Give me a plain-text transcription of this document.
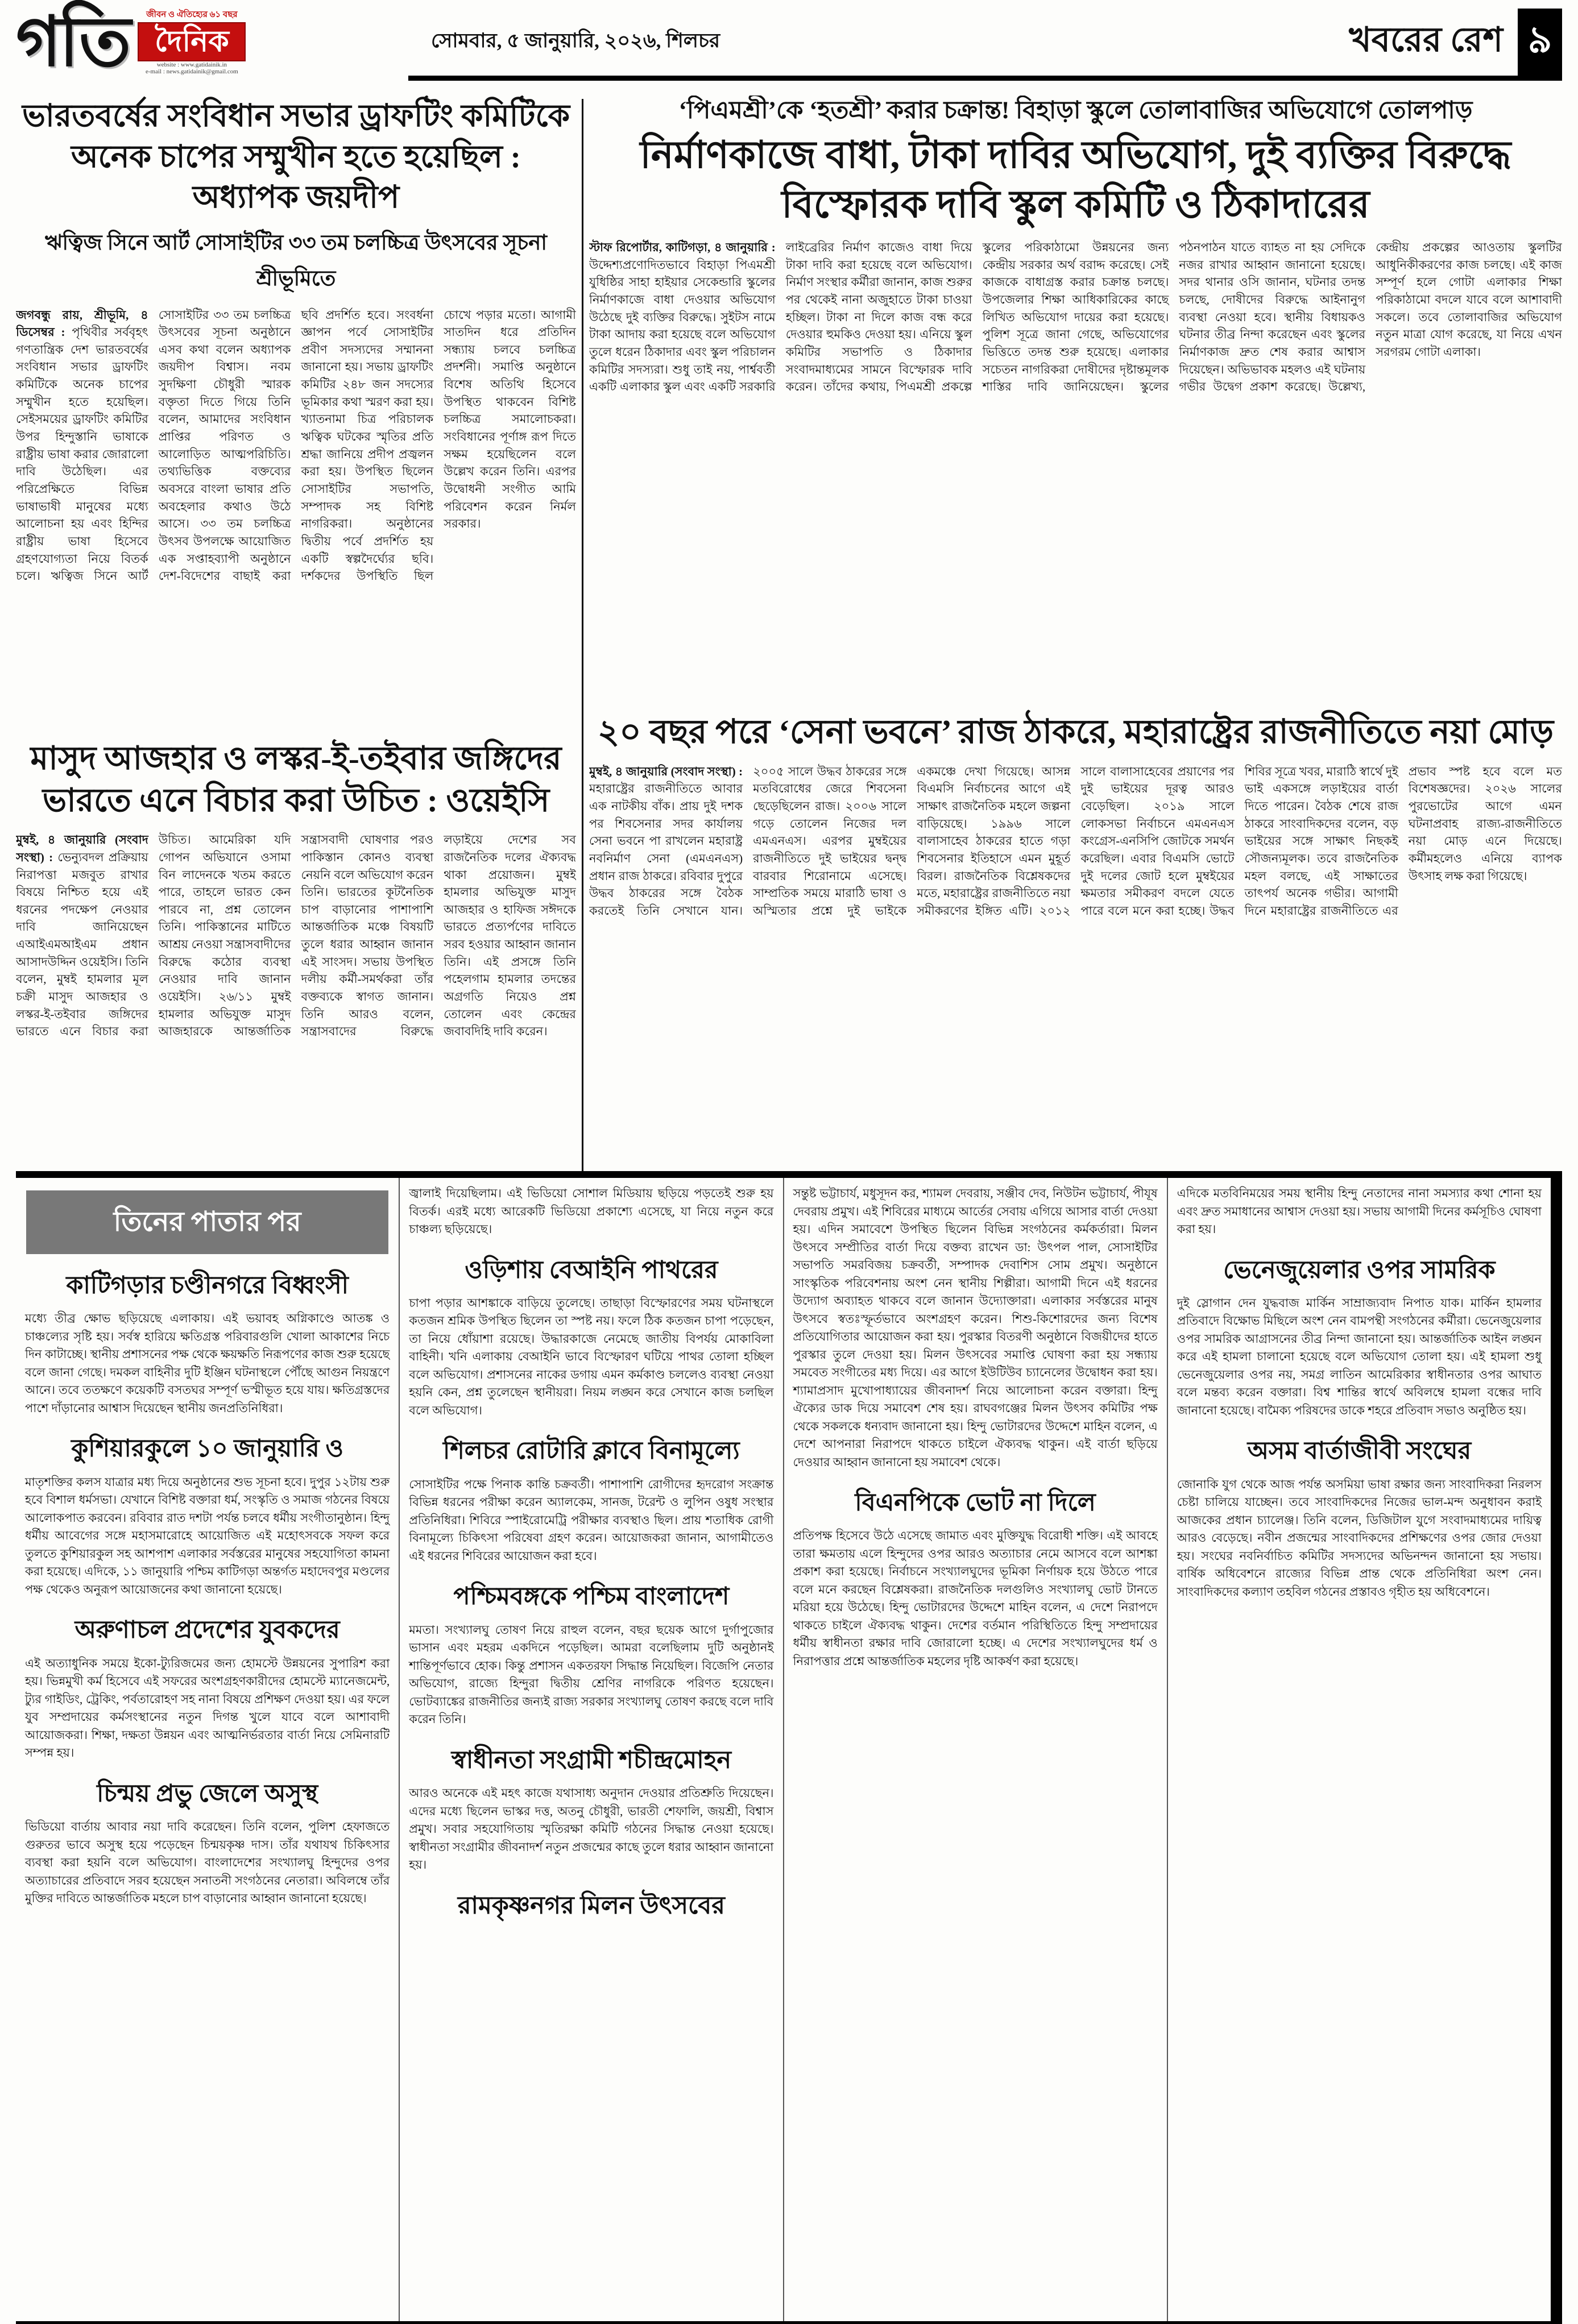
গতি	জীবন ও ঐতিহ্যের ৬১ বছর
দৈনিক
website : www.gatidainik.in
e-mail : news.gatidainik@gmail.com
সোমবার, ৫ জানুয়ারি, ২০২৬, শিলচর	খবরের রেশ ৯
ভারতবর্ষের সংবিধান সভার ড্রাফটিং কমিটিকে অনেক চাপের সম্মুখীন হতে হয়েছিল : অধ্যাপক জয়দীপ
ঋত্বিজ সিনে আর্ট সোসাইটির ৩৩ তম চলচ্চিত্র উৎসবের সূচনা শ্রীভূমিতে
জগবন্ধু রায়, শ্রীভূমি, ৪ ডিসেম্বর : পৃথিবীর সর্ববৃহৎ গণতান্ত্রিক দেশ ভারতবর্ষের সংবিধান সভার ড্রাফটিং কমিটিকে অনেক চাপের সম্মুখীন হতে হয়েছিল। সেইসময়ের ড্রাফটিং কমিটির উপর হিন্দুস্তানি ভাষাকে রাষ্ট্রীয় ভাষা করার জোরালো দাবি উঠেছিল। এর পরিপ্রেক্ষিতে বিভিন্ন ভাষাভাষী মানুষের মধ্যে আলোচনা হয় এবং হিন্দির রাষ্ট্রীয় ভাষা হিসেবে গ্রহণযোগ্যতা নিয়ে বিতর্ক চলে। ঋত্বিজ সিনে আর্ট সোসাইটির ৩৩ তম চলচ্চিত্র উৎসবের সূচনা অনুষ্ঠানে এসব কথা বলেন অধ্যাপক জয়দীপ বিশ্বাস। নবম সুদক্ষিণা চৌধুরী স্মারক বক্তৃতা দিতে গিয়ে তিনি বলেন, আমাদের সংবিধান প্রাপ্তির পরিণত ও আলোড়িত আত্মপরিচিতি। তথ্যভিত্তিক বক্তব্যের অবসরে বাংলা ভাষার প্রতি অবহেলার কথাও উঠে আসে। ৩৩ তম চলচ্চিত্র উৎসব উপলক্ষে আয়োজিত এক সপ্তাহব্যাপী অনুষ্ঠানে দেশ-বিদেশের বাছাই করা ছবি প্রদর্শিত হবে। সংবর্ধনা জ্ঞাপন পর্বে সোসাইটির প্রবীণ সদস্যদের সম্মাননা জানানো হয়। সভায় ড্রাফটিং কমিটির ২৪৮ জন সদস্যের ভূমিকার কথা স্মরণ করা হয়। খ্যাতনামা চিত্র পরিচালক ঋত্বিক ঘটকের স্মৃতির প্রতি শ্রদ্ধা জানিয়ে প্রদীপ প্রজ্বলন করা হয়। উপস্থিত ছিলেন সোসাইটির সভাপতি, সম্পাদক সহ বিশিষ্ট নাগরিকরা। অনুষ্ঠানের দ্বিতীয় পর্বে প্রদর্শিত হয় একটি স্বল্পদৈর্ঘ্যের ছবি। দর্শকদের উপস্থিতি ছিল চোখে পড়ার মতো। আগামী সাতদিন ধরে প্রতিদিন সন্ধ্যায় চলবে চলচ্চিত্র প্রদর্শনী। সমাপ্তি অনুষ্ঠানে বিশেষ অতিথি হিসেবে উপস্থিত থাকবেন বিশিষ্ট চলচ্চিত্র সমালোচকরা। সংবিধানের পূর্ণাঙ্গ রূপ দিতে সক্ষম হয়েছিলেন বলে উল্লেখ করেন তিনি। এরপর উদ্বোধনী সংগীত আমি পরিবেশন করেন নির্মল সরকার।
মাসুদ আজহার ও লস্কর-ই-তইবার জঙ্গিদের ভারতে এনে বিচার করা উচিত : ওয়েইসি
মুম্বই, ৪ জানুয়ারি (সংবাদ সংস্থা) : ভেন্যুবদল প্রক্রিয়ায় নিরাপত্তা মজবুত রাখার বিষয়ে নিশ্চিত হয়ে এই ধরনের পদক্ষেপ নেওয়ার দাবি জানিয়েছেন এআইএমআইএম প্রধান আসাদউদ্দিন ওয়েইসি। তিনি বলেন, মুম্বই হামলার মূল চক্রী মাসুদ আজহার ও লস্কর-ই-তইবার জঙ্গিদের ভারতে এনে বিচার করা উচিত। আমেরিকা যদি গোপন অভিযানে ওসামা বিন লাদেনকে খতম করতে পারে, তাহলে ভারত কেন পারবে না, প্রশ্ন তোলেন তিনি। পাকিস্তানের মাটিতে আশ্রয় নেওয়া সন্ত্রাসবাদীদের বিরুদ্ধে কঠোর ব্যবস্থা নেওয়ার দাবি জানান ওয়েইসি। ২৬/১১ মুম্বই হামলার অভিযুক্ত মাসুদ আজহারকে আন্তর্জাতিক সন্ত্রাসবাদী ঘোষণার পরও পাকিস্তান কোনও ব্যবস্থা নেয়নি বলে অভিযোগ করেন তিনি। ভারতের কূটনৈতিক চাপ বাড়ানোর পাশাপাশি আন্তর্জাতিক মঞ্চে বিষয়টি তুলে ধরার আহ্বান জানান এই সাংসদ। সভায় উপস্থিত দলীয় কর্মী-সমর্থকরা তাঁর বক্তব্যকে স্বাগত জানান। তিনি আরও বলেন, সন্ত্রাসবাদের বিরুদ্ধে লড়াইয়ে দেশের সব রাজনৈতিক দলের ঐক্যবদ্ধ থাকা প্রয়োজন। মুম্বই হামলার অভিযুক্ত মাসুদ আজহার ও হাফিজ সঈদকে ভারতে প্রত্যর্পণের দাবিতে সরব হওয়ার আহ্বান জানান তিনি। এই প্রসঙ্গে তিনি পহেলগাম হামলার তদন্তের অগ্রগতি নিয়েও প্রশ্ন তোলেন এবং কেন্দ্রের জবাবদিহি দাবি করেন।
‘পিএমশ্রী’কে ‘হতশ্রী’ করার চক্রান্ত! বিহাড়া স্কুলে তোলাবাজির অভিযোগে তোলপাড়
নির্মাণকাজে বাধা, টাকা দাবির অভিযোগ, দুই ব্যক্তির বিরুদ্ধে বিস্ফোরক দাবি স্কুল কমিটি ও ঠিকাদারের
স্টাফ রিপোর্টার, কাটিগড়া, ৪ জানুয়ারি : উদ্দেশ্যপ্রণোদিতভাবে বিহাড়া পিএমশ্রী যুধিষ্ঠির সাহা হাইয়ার সেকেন্ডারি স্কুলের নির্মাণকাজে বাধা দেওয়ার অভিযোগ উঠেছে দুই ব্যক্তির বিরুদ্ধে। সুইটস নামে টাকা আদায় করা হয়েছে বলে অভিযোগ তুলে ধরেন ঠিকাদার এবং স্কুল পরিচালন কমিটির সদস্যরা। শুধু তাই নয়, পার্শ্ববর্তী একটি এলাকার স্কুল এবং একটি সরকারি লাইব্রেরির নির্মাণ কাজেও বাধা দিয়ে টাকা দাবি করা হয়েছে বলে অভিযোগ। নির্মাণ সংস্থার কর্মীরা জানান, কাজ শুরুর পর থেকেই নানা অজুহাতে টাকা চাওয়া হচ্ছিল। টাকা না দিলে কাজ বন্ধ করে দেওয়ার হুমকিও দেওয়া হয়। এনিয়ে স্কুল কমিটির সভাপতি ও ঠিকাদার সংবাদমাধ্যমের সামনে বিস্ফোরক দাবি করেন। তাঁদের কথায়, পিএমশ্রী প্রকল্পে স্কুলের পরিকাঠামো উন্নয়নের জন্য কেন্দ্রীয় সরকার অর্থ বরাদ্দ করেছে। সেই কাজকে বাধাগ্রস্ত করার চক্রান্ত চলছে। উপজেলার শিক্ষা আধিকারিকের কাছে লিখিত অভিযোগ দায়ের করা হয়েছে। পুলিশ সূত্রে জানা গেছে, অভিযোগের ভিত্তিতে তদন্ত শুরু হয়েছে। এলাকার সচেতন নাগরিকরা দোষীদের দৃষ্টান্তমূলক শাস্তির দাবি জানিয়েছেন। স্কুলের পঠনপাঠন যাতে ব্যাহত না হয় সেদিকে নজর রাখার আহ্বান জানানো হয়েছে। সদর থানার ওসি জানান, ঘটনার তদন্ত চলছে, দোষীদের বিরুদ্ধে আইনানুগ ব্যবস্থা নেওয়া হবে। স্থানীয় বিধায়কও ঘটনার তীব্র নিন্দা করেছেন এবং স্কুলের নির্মাণকাজ দ্রুত শেষ করার আশ্বাস দিয়েছেন। অভিভাবক মহলও এই ঘটনায় গভীর উদ্বেগ প্রকাশ করেছে। উল্লেখ্য, কেন্দ্রীয় প্রকল্পের আওতায় স্কুলটির আধুনিকীকরণের কাজ চলছে। এই কাজ সম্পূর্ণ হলে গোটা এলাকার শিক্ষা পরিকাঠামো বদলে যাবে বলে আশাবাদী সকলে। তবে তোলাবাজির অভিযোগ নতুন মাত্রা যোগ করেছে, যা নিয়ে এখন সরগরম গোটা এলাকা।
২০ বছর পরে ‘সেনা ভবনে’ রাজ ঠাকরে, মহারাষ্ট্রের রাজনীতিতে নয়া মোড়
মুম্বই, ৪ জানুয়ারি (সংবাদ সংস্থা) : মহারাষ্ট্রের রাজনীতিতে আবার এক নাটকীয় বাঁক। প্রায় দুই দশক পর শিবসেনার সদর কার্যালয় সেনা ভবনে পা রাখলেন মহারাষ্ট্র নবনির্মাণ সেনা (এমএনএস) প্রধান রাজ ঠাকরে। রবিবার দুপুরে উদ্ধব ঠাকরের সঙ্গে বৈঠক করতেই তিনি সেখানে যান। ২০০৫ সালে উদ্ধব ঠাকরের সঙ্গে মতবিরোধের জেরে শিবসেনা ছেড়েছিলেন রাজ। ২০০৬ সালে গড়ে তোলেন নিজের দল এমএনএস। এরপর মুম্বইয়ের রাজনীতিতে দুই ভাইয়ের দ্বন্দ্ব বারবার শিরোনামে এসেছে। সাম্প্রতিক সময়ে মারাঠি ভাষা ও অস্মিতার প্রশ্নে দুই ভাইকে একমঞ্চে দেখা গিয়েছে। আসন্ন বিএমসি নির্বাচনের আগে এই সাক্ষাৎ রাজনৈতিক মহলে জল্পনা বাড়িয়েছে। ১৯৯৬ সালে বালাসাহেব ঠাকরের হাতে গড়া শিবসেনার ইতিহাসে এমন মুহূর্ত বিরল। রাজনৈতিক বিশ্লেষকদের মতে, মহারাষ্ট্রের রাজনীতিতে নয়া সমীকরণের ইঙ্গিত এটি। ২০১২ সালে বালাসাহেবের প্রয়াণের পর দুই ভাইয়ের দূরত্ব আরও বেড়েছিল। ২০১৯ সালে লোকসভা নির্বাচনে এমএনএস কংগ্রেস-এনসিপি জোটকে সমর্থন করেছিল। এবার বিএমসি ভোটে দুই দলের জোট হলে মুম্বইয়ের ক্ষমতার সমীকরণ বদলে যেতে পারে বলে মনে করা হচ্ছে। উদ্ধব শিবির সূত্রে খবর, মারাঠি স্বার্থে দুই ভাই একসঙ্গে লড়াইয়ের বার্তা দিতে পারেন। বৈঠক শেষে রাজ ঠাকরে সাংবাদিকদের বলেন, বড় ভাইয়ের সঙ্গে সাক্ষাৎ নিছকই সৌজন্যমূলক। তবে রাজনৈতিক মহল বলছে, এই সাক্ষাতের তাৎপর্য অনেক গভীর। আগামী দিনে মহারাষ্ট্রের রাজনীতিতে এর প্রভাব স্পষ্ট হবে বলে মত বিশেষজ্ঞদের। ২০২৬ সালের পুরভোটের আগে এমন ঘটনাপ্রবাহ রাজ্য-রাজনীতিতে নয়া মোড় এনে দিয়েছে। কর্মীমহলেও এনিয়ে ব্যাপক উৎসাহ লক্ষ করা গিয়েছে।
তিনের পাতার পর
কাটিগড়ার চণ্ডীনগরে বিধ্বংসী

মধ্যে তীব্র ক্ষোভ ছড়িয়েছে এলাকায়। এই ভয়াবহ অগ্নিকাণ্ডে আতঙ্ক ও চাঞ্চল্যের সৃষ্টি হয়। সর্বস্ব হারিয়ে ক্ষতিগ্রস্ত পরিবারগুলি খোলা আকাশের নিচে দিন কাটাচ্ছে। স্থানীয় প্রশাসনের পক্ষ থেকে ক্ষয়ক্ষতি নিরূপণের কাজ শুরু হয়েছে বলে জানা গেছে। দমকল বাহিনীর দুটি ইঞ্জিন ঘটনাস্থলে পৌঁছে আগুন নিয়ন্ত্রণে আনে। তবে ততক্ষণে কয়েকটি বসতঘর সম্পূর্ণ ভস্মীভূত হয়ে যায়। ক্ষতিগ্রস্তদের পাশে দাঁড়ানোর আশ্বাস দিয়েছেন স্থানীয় জনপ্রতিনিধিরা।

কুশিয়ারকুলে ১০ জানুয়ারি ও

মাতৃশক্তির কলস যাত্রার মধ্য দিয়ে অনুষ্ঠানের শুভ সূচনা হবে। দুপুর ১২টায় শুরু হবে বিশাল ধর্মসভা। যেখানে বিশিষ্ট বক্তারা ধর্ম, সংস্কৃতি ও সমাজ গঠনের বিষয়ে আলোকপাত করবেন। রবিবার রাত দশটা পর্যন্ত চলবে ধর্মীয় সংগীতানুষ্ঠান। হিন্দু ধর্মীয় আবেগের সঙ্গে মহাসমারোহে আয়োজিত এই মহোৎসবকে সফল করে তুলতে কুশিয়ারকুল সহ আশপাশ এলাকার সর্বস্তরের মানুষের সহযোগিতা কামনা করা হয়েছে। এদিকে, ১১ জানুয়ারি পশ্চিম কাটিগড়া অন্তর্গত মহাদেবপুর মণ্ডলের পক্ষ থেকেও অনুরূপ আয়োজনের কথা জানানো হয়েছে।

অরুণাচল প্রদেশের যুবকদের

এই অত্যাধুনিক সময়ে ইকো-ট্যুরিজমের জন্য হোমস্টে উন্নয়নের সুপারিশ করা হয়। ভিন্নমুখী কর্ম হিসেবে এই সফরের অংশগ্রহণকারীদের হোমস্টে ম্যানেজমেন্ট, ট্যুর গাইডিং, ট্রেকিং, পর্বতারোহণ সহ নানা বিষয়ে প্রশিক্ষণ দেওয়া হয়। এর ফলে যুব সম্প্রদায়ের কর্মসংস্থানের নতুন দিগন্ত খুলে যাবে বলে আশাবাদী আয়োজকরা। শিক্ষা, দক্ষতা উন্নয়ন এবং আত্মনির্ভরতার বার্তা নিয়ে সেমিনারটি সম্পন্ন হয়।

চিন্ময় প্রভু জেলে অসুস্থ

ভিডিয়ো বার্তায় আবার নয়া দাবি করেছেন। তিনি বলেন, পুলিশ হেফাজতে গুরুতর ভাবে অসুস্থ হয়ে পড়েছেন চিন্ময়কৃষ্ণ দাস। তাঁর যথাযথ চিকিৎসার ব্যবস্থা করা হয়নি বলে অভিযোগ। বাংলাদেশের সংখ্যালঘু হিন্দুদের ওপর অত্যাচারের প্রতিবাদে সরব হয়েছেন সনাতনী সংগঠনের নেতারা। অবিলম্বে তাঁর মুক্তির দাবিতে আন্তর্জাতিক মহলে চাপ বাড়ানোর আহ্বান জানানো হয়েছে।

জ্বালাই দিয়েছিলাম। এই ভিডিয়ো সোশাল মিডিয়ায় ছড়িয়ে পড়তেই শুরু হয় বিতর্ক। এরই মধ্যে আরেকটি ভিডিয়ো প্রকাশ্যে এসেছে, যা নিয়ে নতুন করে চাঞ্চল্য ছড়িয়েছে।

ওড়িশায় বেআইনি পাথরের

চাপা পড়ার আশঙ্কাকে বাড়িয়ে তুলেছে। তাছাড়া বিস্ফোরণের সময় ঘটনাস্থলে কতজন শ্রমিক উপস্থিত ছিলেন তা স্পষ্ট নয়। ফলে ঠিক কতজন চাপা পড়েছেন, তা নিয়ে ধোঁয়াশা রয়েছে। উদ্ধারকাজে নেমেছে জাতীয় বিপর্যয় মোকাবিলা বাহিনী। খনি এলাকায় বেআইনি ভাবে বিস্ফোরণ ঘটিয়ে পাথর তোলা হচ্ছিল বলে অভিযোগ। প্রশাসনের নাকের ডগায় এমন কর্মকাণ্ড চললেও ব্যবস্থা নেওয়া হয়নি কেন, প্রশ্ন তুলেছেন স্থানীয়রা। নিয়ম লঙ্ঘন করে সেখানে কাজ চলছিল বলে অভিযোগ।

শিলচর রোটারি ক্লাবে বিনামূল্যে

সোসাইটির পক্ষে পিনাক কান্তি চক্রবর্তী। পাশাপাশি রোগীদের হৃদরোগ সংক্রান্ত বিভিন্ন ধরনের পরীক্ষা করেন অ্যালকেম, সানজ, টরেন্ট ও লুপিন ওষুধ সংস্থার প্রতিনিধিরা। শিবিরে স্পাইরোমেট্রি পরীক্ষার ব্যবস্থাও ছিল। প্রায় শতাধিক রোগী বিনামূল্যে চিকিৎসা পরিষেবা গ্রহণ করেন। আয়োজকরা জানান, আগামীতেও এই ধরনের শিবিরের আয়োজন করা হবে।

পশ্চিমবঙ্গকে পশ্চিম বাংলাদেশ

মমতা। সংখ্যালঘু তোষণ নিয়ে রাহুল বলেন, বছর ছয়েক আগে দুর্গাপুজোর ভাসান এবং মহরম একদিনে পড়েছিল। আমরা বলেছিলাম দুটি অনুষ্ঠানই শান্তিপূর্ণভাবে হোক। কিন্তু প্রশাসন একতরফা সিদ্ধান্ত নিয়েছিল। বিজেপি নেতার অভিযোগ, রাজ্যে হিন্দুরা দ্বিতীয় শ্রেণির নাগরিকে পরিণত হয়েছেন। ভোটব্যাঙ্কের রাজনীতির জন্যই রাজ্য সরকার সংখ্যালঘু তোষণ করছে বলে দাবি করেন তিনি।

স্বাধীনতা সংগ্রামী শচীন্দ্রমোহন

আরও অনেকে এই মহৎ কাজে যথাসাধ্য অনুদান দেওয়ার প্রতিশ্রুতি দিয়েছেন। এদের মধ্যে ছিলেন ভাস্কর দত্ত, অতনু চৌধুরী, ভারতী শেফালি, জয়শ্রী, বিশ্বাস প্রমুখ। সবার সহযোগিতায় স্মৃতিরক্ষা কমিটি গঠনের সিদ্ধান্ত নেওয়া হয়েছে। স্বাধীনতা সংগ্রামীর জীবনাদর্শ নতুন প্রজন্মের কাছে তুলে ধরার আহ্বান জানানো হয়।

রামকৃষ্ণনগর মিলন উৎসবের

সন্তুষ্ট ভট্টাচার্য, মধুসূদন কর, শ্যামল দেবরায়, সঞ্জীব দেব, নিউটন ভট্টাচার্য, পীযূষ দেবরায় প্রমুখ। এই শিবিরের মাধ্যমে আর্তের সেবায় এগিয়ে আসার বার্তা দেওয়া হয়। এদিন সমাবেশে উপস্থিত ছিলেন বিভিন্ন সংগঠনের কর্মকর্তারা। মিলন উৎসবে সম্প্রীতির বার্তা দিয়ে বক্তব্য রাখেন ডা: উৎপল পাল, সোসাইটির সভাপতি সমরবিজয় চক্রবর্তী, সম্পাদক দেবাশিস সোম প্রমুখ। অনুষ্ঠানে সাংস্কৃতিক পরিবেশনায় অংশ নেন স্থানীয় শিল্পীরা। আগামী দিনে এই ধরনের উদ্যোগ অব্যাহত থাকবে বলে জানান উদ্যোক্তারা। এলাকার সর্বস্তরের মানুষ উৎসবে স্বতঃস্ফূর্তভাবে অংশগ্রহণ করেন। শিশু-কিশোরদের জন্য বিশেষ প্রতিযোগিতার আয়োজন করা হয়। পুরস্কার বিতরণী অনুষ্ঠানে বিজয়ীদের হাতে পুরস্কার তুলে দেওয়া হয়। মিলন উৎসবের সমাপ্তি ঘোষণা করা হয় সন্ধ্যায় সমবেত সংগীতের মধ্য দিয়ে। এর আগে ইউটিউব চ্যানেলের উদ্বোধন করা হয়। শ্যামাপ্রসাদ মুখোপাধ্যায়ের জীবনাদর্শ নিয়ে আলোচনা করেন বক্তারা। হিন্দু ঐক্যের ডাক দিয়ে সমাবেশ শেষ হয়। রাঘবগঞ্জের মিলন উৎসব কমিটির পক্ষ থেকে সকলকে ধন্যবাদ জানানো হয়। হিন্দু ভোটারদের উদ্দেশে মাহিন বলেন, এ দেশে আপনারা নিরাপদে থাকতে চাইলে ঐক্যবদ্ধ থাকুন। এই বার্তা ছড়িয়ে দেওয়ার আহ্বান জানানো হয় সমাবেশ থেকে।

বিএনপিকে ভোট না দিলে

প্রতিপক্ষ হিসেবে উঠে এসেছে জামাত এবং মুক্তিযুদ্ধ বিরোধী শক্তি। এই আবহে তারা ক্ষমতায় এলে হিন্দুদের ওপর আরও অত্যাচার নেমে আসবে বলে আশঙ্কা প্রকাশ করা হয়েছে। নির্বাচনে সংখ্যালঘুদের ভূমিকা নির্ণায়ক হয়ে উঠতে পারে বলে মনে করছেন বিশ্লেষকরা। রাজনৈতিক দলগুলিও সংখ্যালঘু ভোট টানতে মরিয়া হয়ে উঠেছে। হিন্দু ভোটারদের উদ্দেশে মাহিন বলেন, এ দেশে নিরাপদে থাকতে চাইলে ঐক্যবদ্ধ থাকুন। দেশের বর্তমান পরিস্থিতিতে হিন্দু সম্প্রদায়ের ধর্মীয় স্বাধীনতা রক্ষার দাবি জোরালো হচ্ছে। এ দেশের সংখ্যালঘুদের ধর্ম ও নিরাপত্তার প্রশ্নে আন্তর্জাতিক মহলের দৃষ্টি আকর্ষণ করা হয়েছে।

এদিকে মতবিনিময়ের সময় স্থানীয় হিন্দু নেতাদের নানা সমস্যার কথা শোনা হয় এবং দ্রুত সমাধানের আশ্বাস দেওয়া হয়। সভায় আগামী দিনের কর্মসূচিও ঘোষণা করা হয়।

ভেনেজুয়েলার ওপর সামরিক

দুই স্লোগান দেন যুদ্ধবাজ মার্কিন সাম্রাজ্যবাদ নিপাত যাক। মার্কিন হামলার প্রতিবাদে বিক্ষোভ মিছিলে অংশ নেন বামপন্থী সংগঠনের কর্মীরা। ভেনেজুয়েলার ওপর সামরিক আগ্রাসনের তীব্র নিন্দা জানানো হয়। আন্তর্জাতিক আইন লঙ্ঘন করে এই হামলা চালানো হয়েছে বলে অভিযোগ তোলা হয়। এই হামলা শুধু ভেনেজুয়েলার ওপর নয়, সমগ্র লাতিন আমেরিকার স্বাধীনতার ওপর আঘাত বলে মন্তব্য করেন বক্তারা। বিশ্ব শান্তির স্বার্থে অবিলম্বে হামলা বন্ধের দাবি জানানো হয়েছে। বামৈক্য পরিষদের ডাকে শহরে প্রতিবাদ সভাও অনুষ্ঠিত হয়।

অসম বার্তাজীবী সংঘের

জোনাকি যুগ থেকে আজ পর্যন্ত অসমিয়া ভাষা রক্ষার জন্য সাংবাদিকরা নিরলস চেষ্টা চালিয়ে যাচ্ছেন। তবে সাংবাদিকদের নিজের ভাল-মন্দ অনুধাবন করাই আজকের প্রধান চ্যালেঞ্জ। তিনি বলেন, ডিজিটাল যুগে সংবাদমাধ্যমের দায়িত্ব আরও বেড়েছে। নবীন প্রজন্মের সাংবাদিকদের প্রশিক্ষণের ওপর জোর দেওয়া হয়। সংঘের নবনির্বাচিত কমিটির সদস্যদের অভিনন্দন জানানো হয় সভায়। বার্ষিক অধিবেশনে রাজ্যের বিভিন্ন প্রান্ত থেকে প্রতিনিধিরা অংশ নেন। সাংবাদিকদের কল্যাণ তহবিল গঠনের প্রস্তাবও গৃহীত হয় অধিবেশনে।
